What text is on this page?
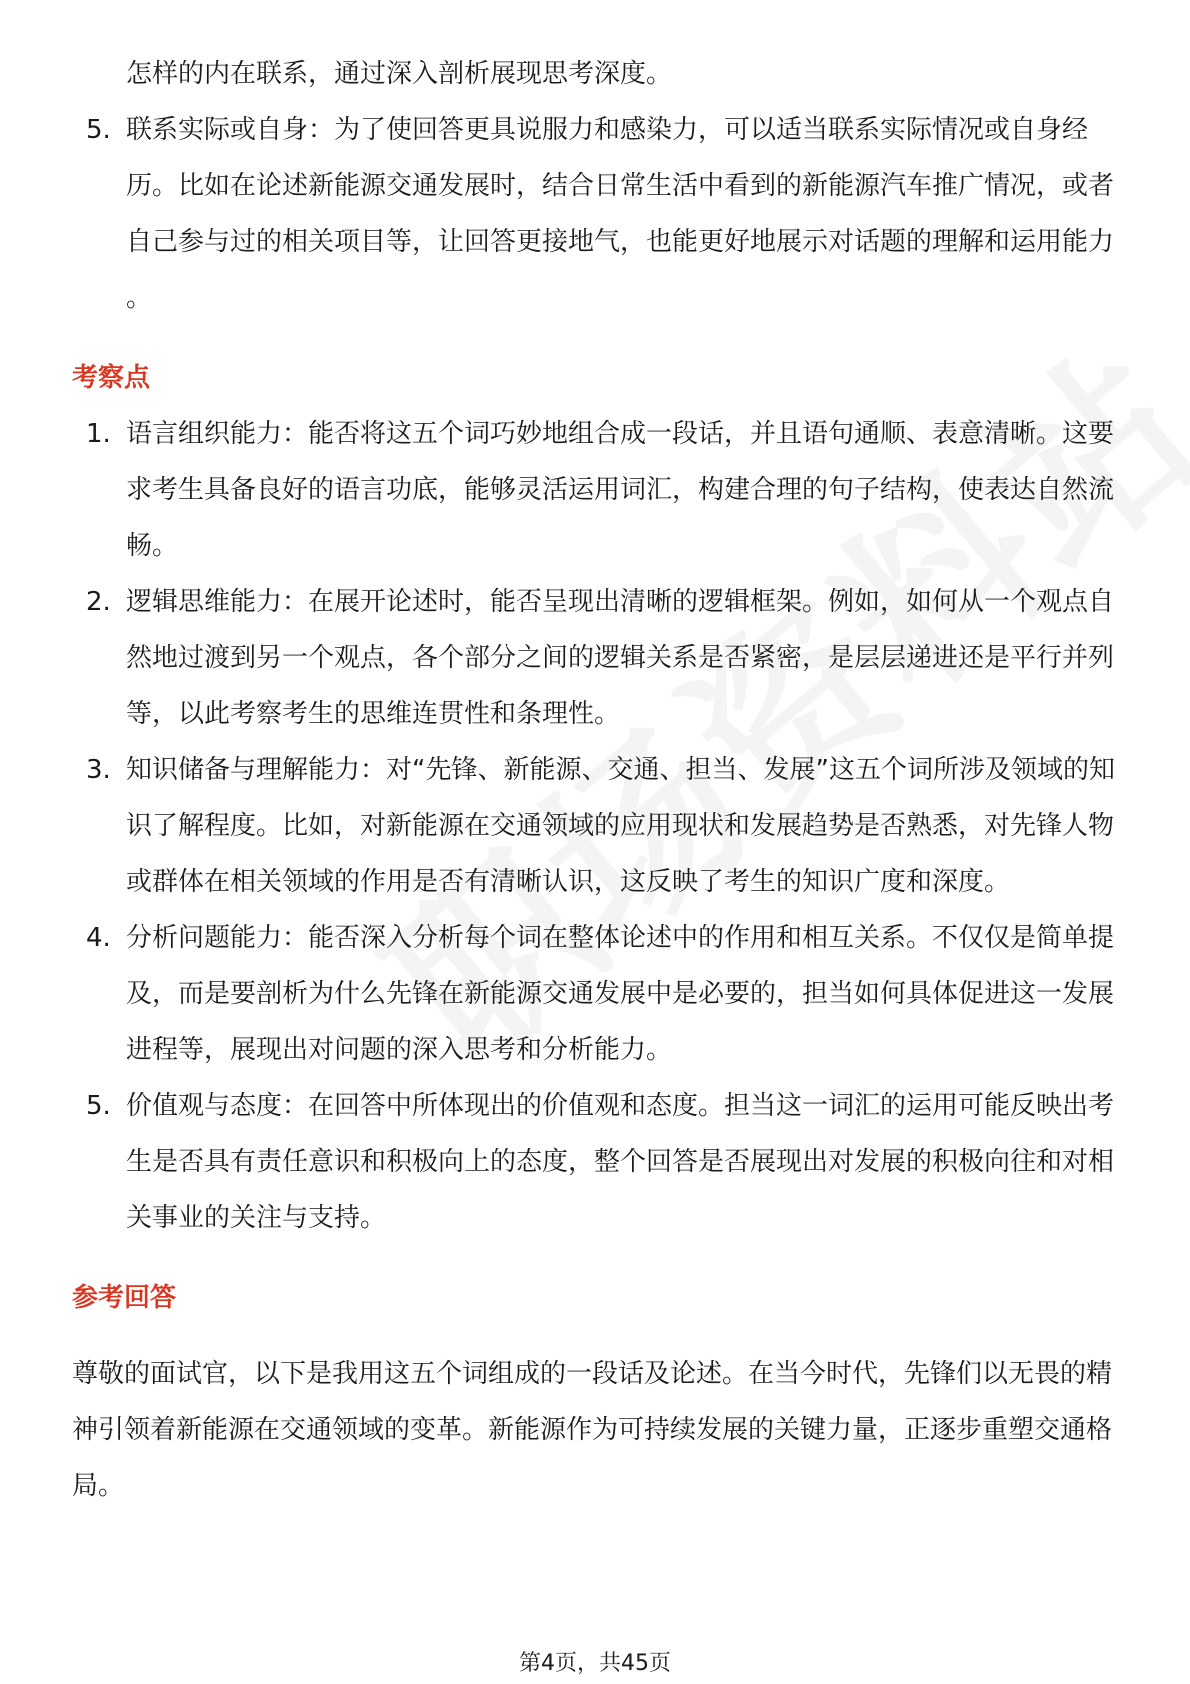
怎样的内在联系，通过深入剖析展现思考深度。
5. 联系实际或自身：为了使回答更具说服力和感染力，可以适当联系实际情况或自身经历。比如在论述新能源交通发展时，结合日常生活中看到的新能源汽车推广情况，或者自己参与过的相关项目等，让回答更接地气，也能更好地展示对话题的理解和运用能力 。
考察点
1. 语言组织能力：能否将这五个词巧妙地组合成一段话，并且语句通顺、表意清晰。这要求考生具备良好的语言功底，能够灵活运用词汇，构建合理的句子结构，使表达自然流畅。
2. 逻辑思维能力：在展开论述时，能否呈现出清晰的逻辑框架。例如，如何从一个观点自然地过渡到另一个观点，各个部分之间的逻辑关系是否紧密，是层层递进还是平行并列等，以此考察考生的思维连贯性和条理性。
3. 知识储备与理解能力：对“先锋、新能源、交通、担当、发展”这五个词所涉及领域的知识了解程度。比如，对新能源在交通领域的应用现状和发展趋势是否熟悉，对先锋人物或群体在相关领域的作用是否有清晰认识，这反映了考生的知识广度和深度。
4. 分析问题能力：能否深入分析每个词在整体论述中的作用和相互关系。不仅仅是简单提及，而是要剖析为什么先锋在新能源交通发展中是必要的，担当如何具体促进这一发展进程等，展现出对问题的深入思考和分析能力。
5. 价值观与态度：在回答中所体现出的价值观和态度。担当这一词汇的运用可能反映出考生是否具有责任意识和积极向上的态度，整个回答是否展现出对发展的积极向往和对相关事业的关注与支持。
参考回答

尊敬的面试官，以下是我用这五个词组成的一段话及论述。在当今时代，先锋们以无畏的精神引领着新能源在交通领域的变革。新能源作为可持续发展的关键力量，正逐步重塑交通格局。

第4页，共45页
